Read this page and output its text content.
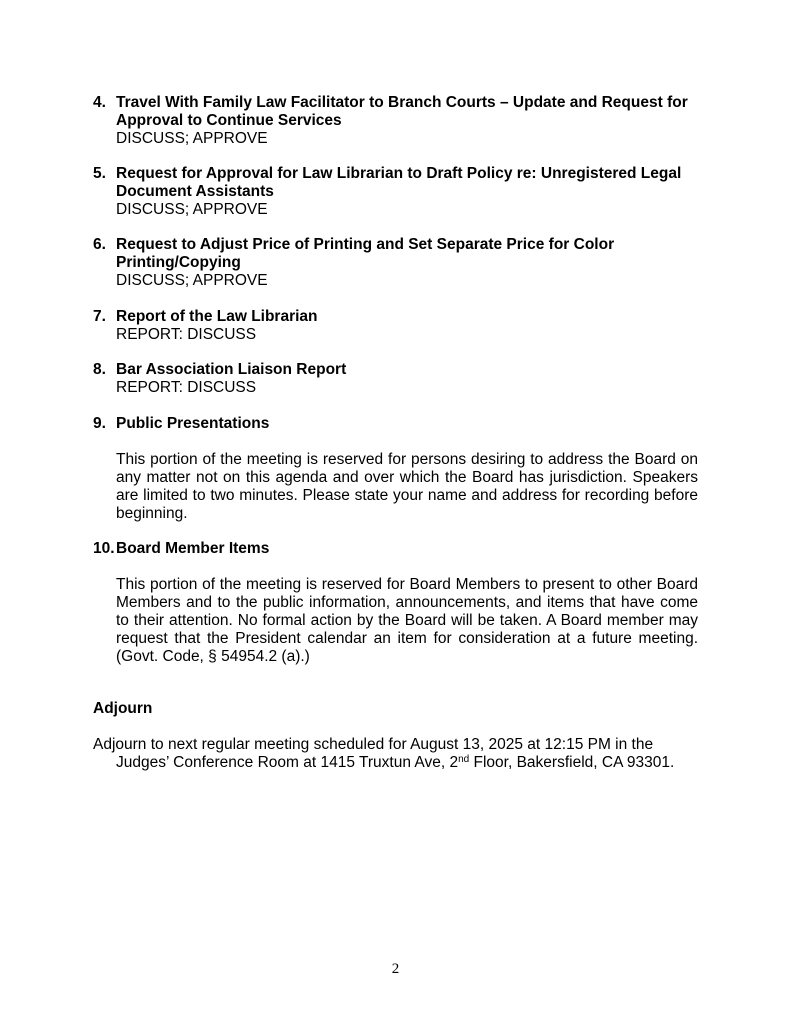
4. Travel With Family Law Facilitator to Branch Courts – Update and Request for Approval to Continue Services
DISCUSS; APPROVE
5. Request for Approval for Law Librarian to Draft Policy re: Unregistered Legal Document Assistants
DISCUSS; APPROVE
6. Request to Adjust Price of Printing and Set Separate Price for Color Printing/Copying
DISCUSS; APPROVE
7. Report of the Law Librarian
REPORT: DISCUSS
8. Bar Association Liaison Report
REPORT: DISCUSS
9. Public Presentations
This portion of the meeting is reserved for persons desiring to address the Board on any matter not on this agenda and over which the Board has jurisdiction. Speakers are limited to two minutes. Please state your name and address for recording before beginning.
10. Board Member Items
This portion of the meeting is reserved for Board Members to present to other Board Members and to the public information, announcements, and items that have come to their attention. No formal action by the Board will be taken. A Board member may request that the President calendar an item for consideration at a future meeting. (Govt. Code, § 54954.2 (a).)
Adjourn
Adjourn to next regular meeting scheduled for August 13, 2025 at 12:15 PM in the
Judges’ Conference Room at 1415 Truxtun Ave, 2nd Floor, Bakersfield, CA 93301.
2
